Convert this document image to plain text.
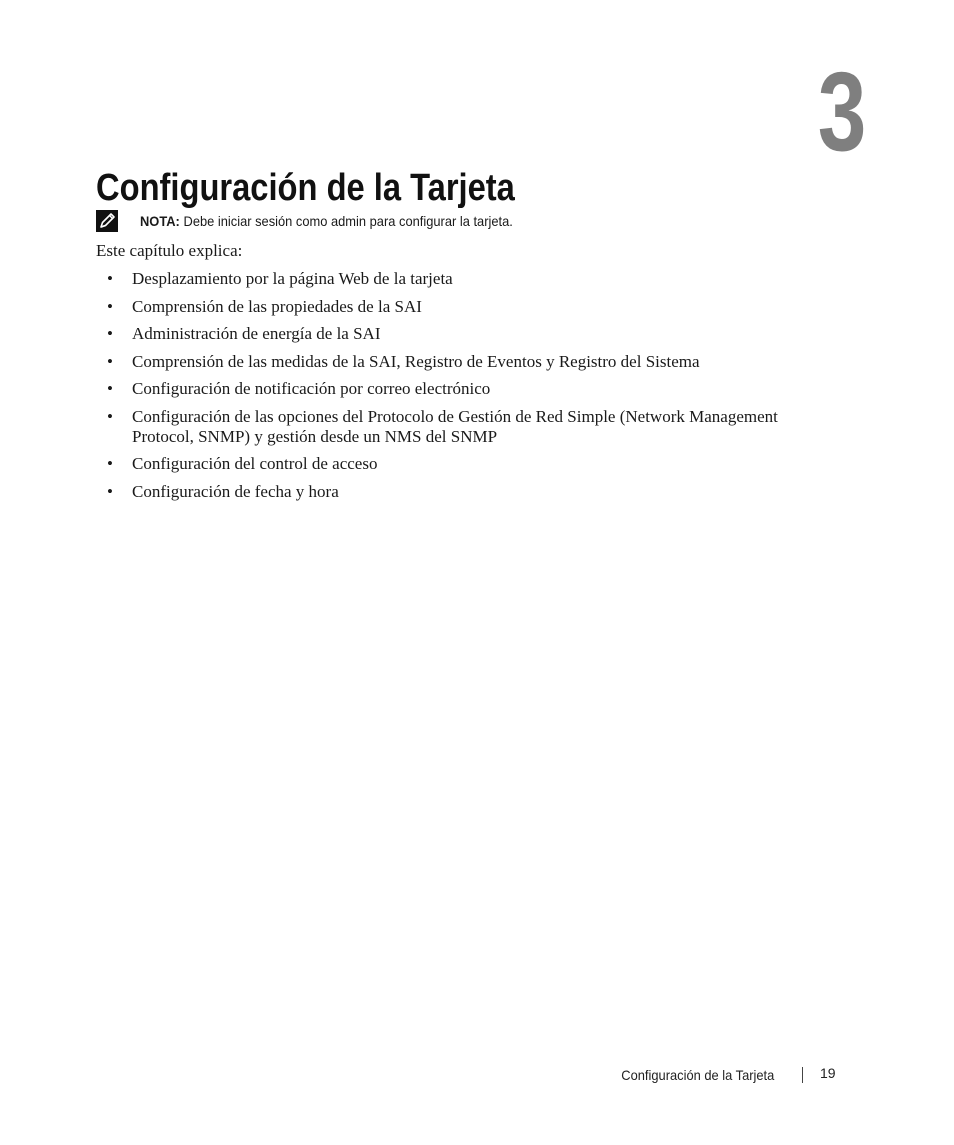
3
Configuración de la Tarjeta
NOTA: Debe iniciar sesión como admin para configurar la tarjeta.

Este capítulo explica:

• Desplazamiento por la página Web de la tarjeta
• Comprensión de las propiedades de la SAI
• Administración de energía de la SAI
• Comprensión de las medidas de la SAI, Registro de Eventos y Registro del Sistema
• Configuración de notificación por correo electrónico
• Configuración de las opciones del Protocolo de Gestión de Red Simple (Network Management Protocol, SNMP) y gestión desde un NMS del SNMP
• Configuración del control de acceso
• Configuración de fecha y hora
Configuración de la Tarjeta	19
